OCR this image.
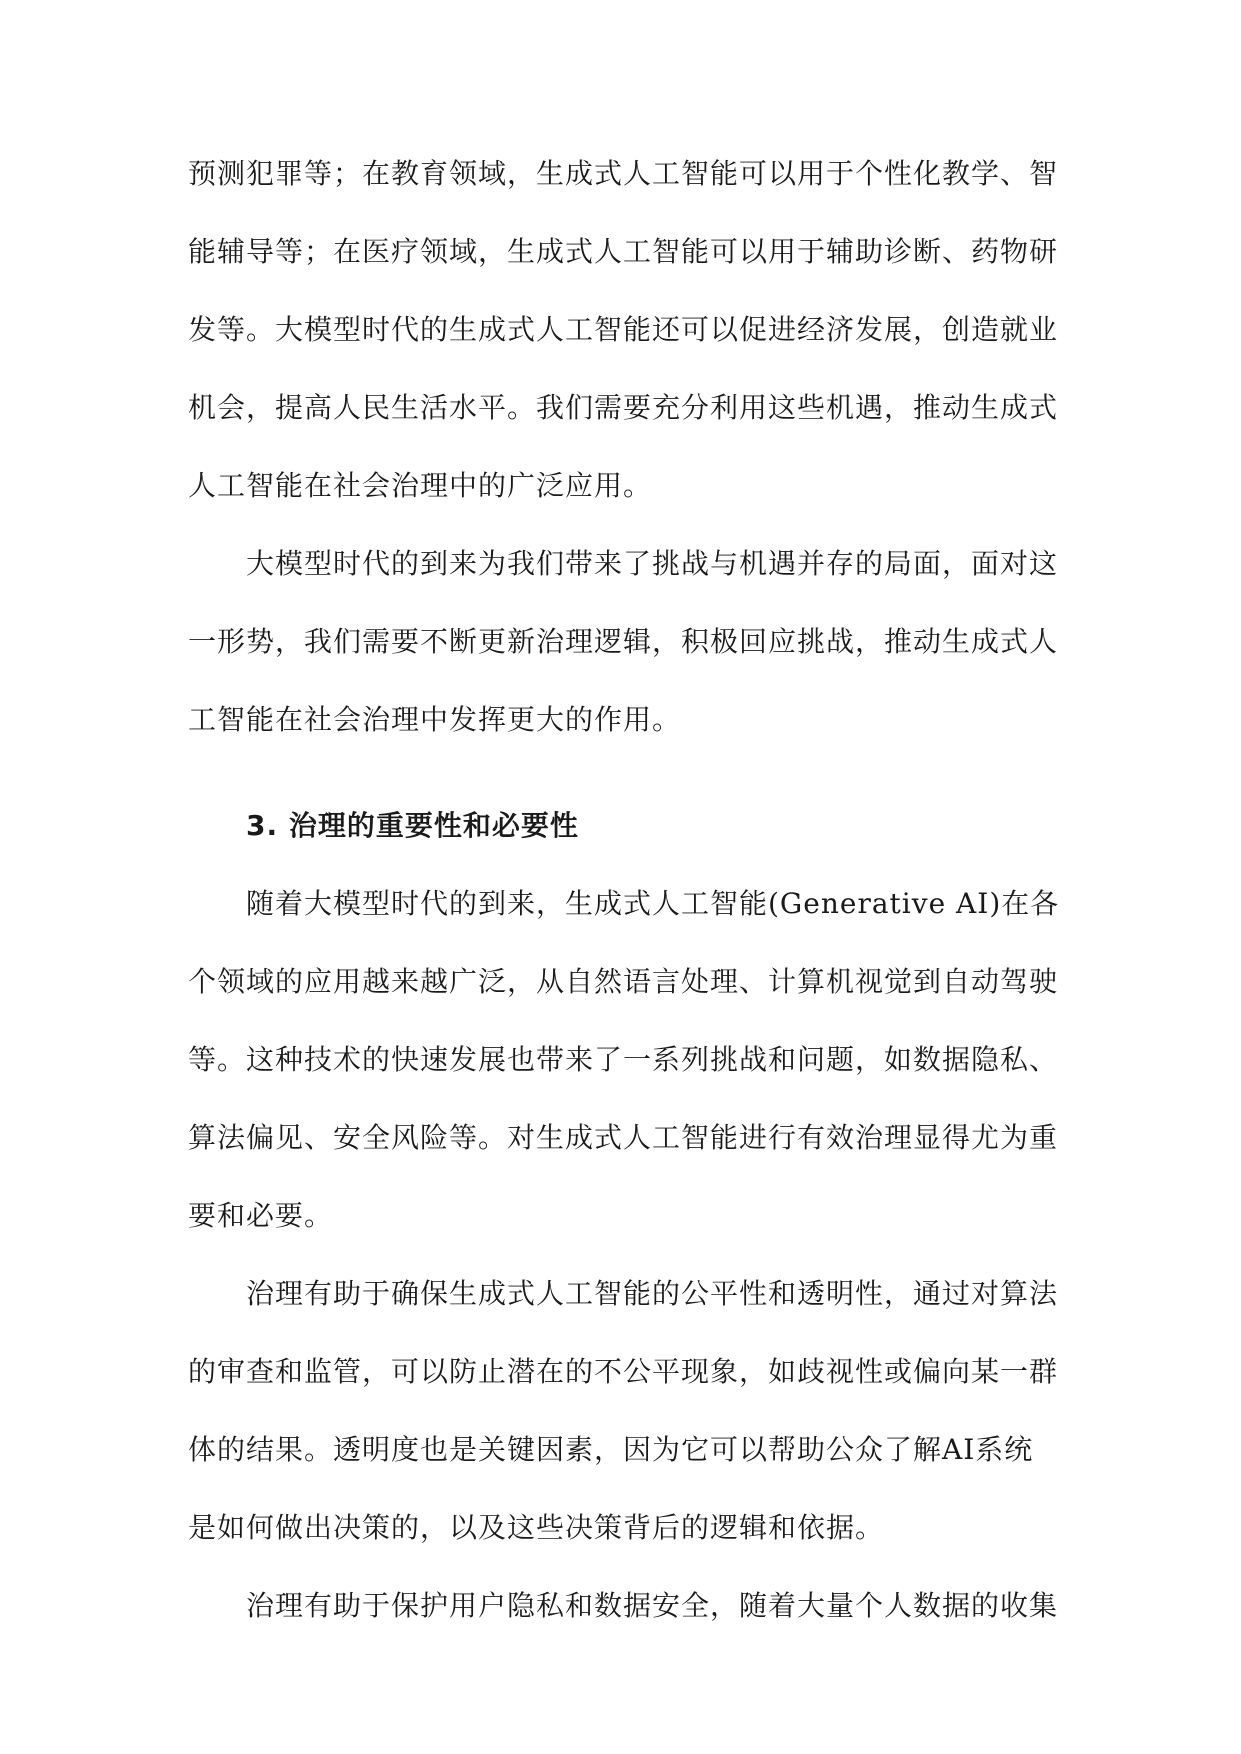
预测犯罪等；在教育领域，生成式人工智能可以用于个性化教学、智
能辅导等；在医疗领域，生成式人工智能可以用于辅助诊断、药物研
发等。大模型时代的生成式人工智能还可以促进经济发展，创造就业
机会，提高人民生活水平。我们需要充分利用这些机遇，推动生成式
人工智能在社会治理中的广泛应用。
大模型时代的到来为我们带来了挑战与机遇并存的局面，面对这
一形势，我们需要不断更新治理逻辑，积极回应挑战，推动生成式人
工智能在社会治理中发挥更大的作用。
3. 治理的重要性和必要性
随着大模型时代的到来，生成式人工智能(Generative AI)在各
个领域的应用越来越广泛，从自然语言处理、计算机视觉到自动驾驶
等。这种技术的快速发展也带来了一系列挑战和问题，如数据隐私、
算法偏见、安全风险等。对生成式人工智能进行有效治理显得尤为重
要和必要。
治理有助于确保生成式人工智能的公平性和透明性，通过对算法
的审查和监管，可以防止潜在的不公平现象，如歧视性或偏向某一群
体的结果。透明度也是关键因素，因为它可以帮助公众了解AI系统
是如何做出决策的，以及这些决策背后的逻辑和依据。
治理有助于保护用户隐私和数据安全，随着大量个人数据的收集
